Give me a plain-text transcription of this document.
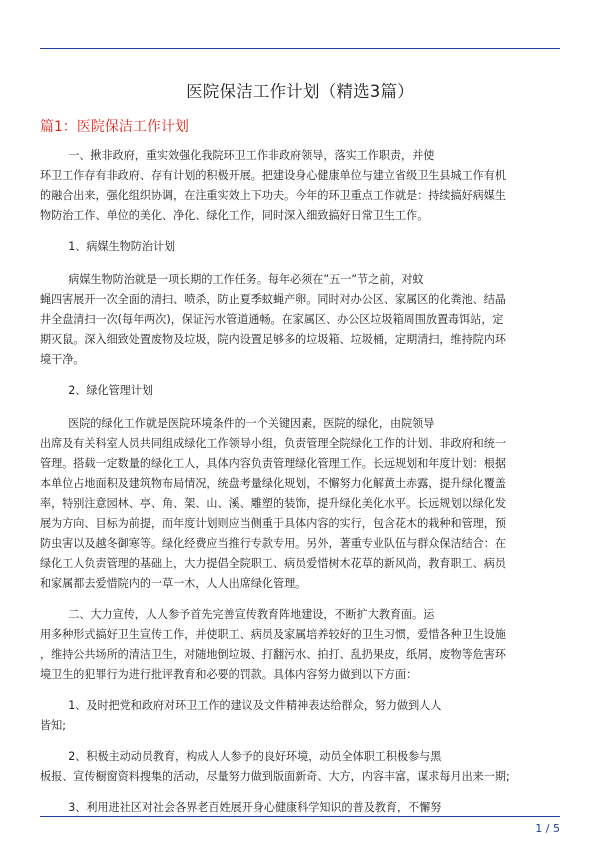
医院保洁工作计划（精选3篇）
篇1：医院保洁工作计划

一、揪非政府，重实效强化我院环卫工作非政府领导，落实工作职责，并使
环卫工作存有非政府、存有计划的积极开展。把建设身心健康单位与建立省级卫生县城工作有机
的融合出来，强化组织协调，在注重实效上下功夫。今年的环卫重点工作就是：持续搞好病媒生
物防治工作、单位的美化、净化、绿化工作，同时深入细致搞好日常卫生工作。

1、病媒生物防治计划

病媒生物防治就是一项长期的工作任务。每年必须在”五一”节之前，对蚊
蝇四害展开一次全面的清扫、喷杀，防止夏季蚊蝇产卵。同时对办公区、家属区的化粪池、结晶
井全盘清扫一次(每年两次)，保证污水管道通畅。在家属区、办公区垃圾箱周围放置毒饵站，定
期灭鼠。深入细致处置废物及垃圾，院内设置足够多的垃圾箱、垃圾桶，定期清扫，维持院内环
境干净。

2、绿化管理计划

医院的绿化工作就是医院环境条件的一个关键因素，医院的绿化，由院领导
出席及有关科室人员共同组成绿化工作领导小组，负责管理全院绿化工作的计划、非政府和统一
管理。搭载一定数量的绿化工人，具体内容负责管理绿化管理工作。长远规划和年度计划：根据
本单位占地面积及建筑物布局情况，统盘考量绿化规划，不懈努力化解黄土赤露，提升绿化覆盖
率，特别注意园林、亭、角、架、山、溪、雕塑的装饰，提升绿化美化水平。长远规划以绿化发
展为方向、目标为前提，而年度计划则应当侧重于具体内容的实行，包含花木的栽种和管理，预
防虫害以及越冬御寒等。绿化经费应当推行专款专用。另外，著重专业队伍与群众保洁结合：在
绿化工人负责管理的基础上，大力提倡全院职工、病员爱惜树木花草的新风尚，教育职工、病员
和家属都去爱惜院内的一草一木，人人出席绿化管理。

二、大力宣传，人人参予首先完善宣传教育阵地建设，不断扩大教育面。运
用多种形式搞好卫生宣传工作，并使职工、病员及家属培养较好的卫生习惯，爱惜各种卫生设施
，维持公共场所的清洁卫生，对随地倒垃圾、打翻污水、拍打、乱扔果皮，纸屑，废物等危害环
境卫生的犯罪行为进行批评教育和必要的罚款。具体内容努力做到以下方面：

1、及时把党和政府对环卫工作的建议及文件精神表达给群众，努力做到人人
皆知;

2、积极主动动员教育，构成人人参予的良好环境，动员全体职工积极参与黑
板报、宣传橱窗资料搜集的活动，尽量努力做到版面新奇、大方，内容丰富，谋求每月出来一期;

3、利用进社区对社会各界老百姓展开身心健康科学知识的普及教育，不懈努

1 / 5
